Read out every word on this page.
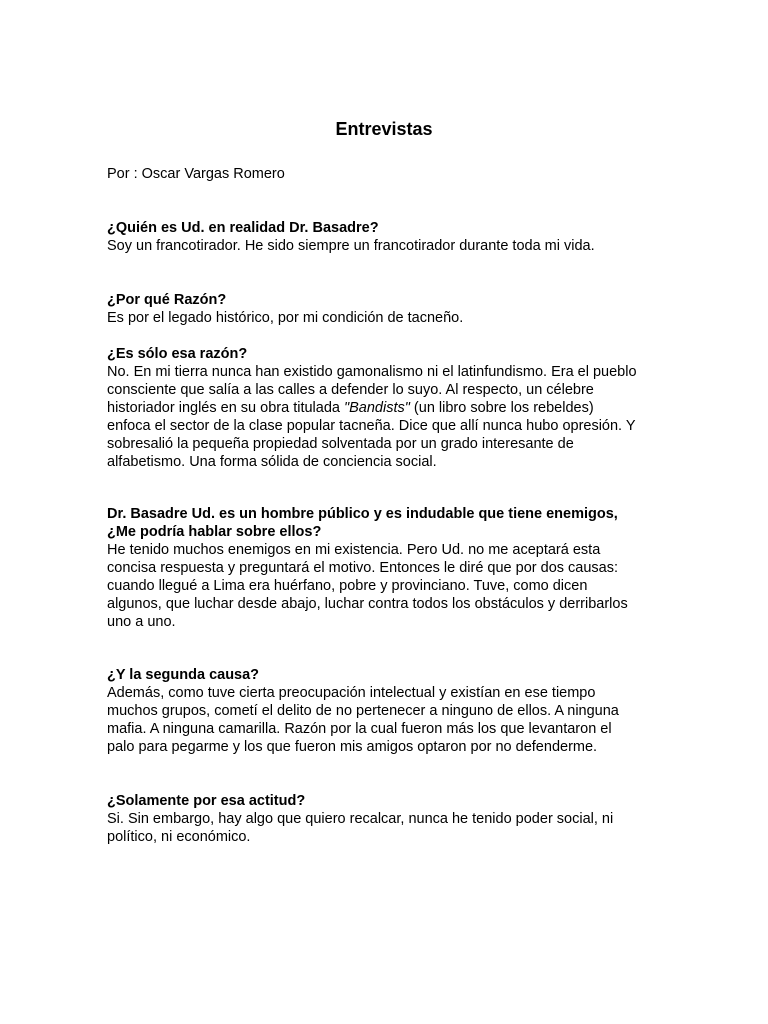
Entrevistas
Por : Oscar Vargas Romero
¿Quién es Ud. en realidad Dr. Basadre?
Soy un francotirador. He sido siempre un francotirador durante toda mi vida.
¿Por qué Razón?
Es por el legado histórico, por mi condición de tacneño.
¿Es sólo esa razón?
No. En mi tierra nunca han existido gamonalismo ni el latinfundismo. Era el pueblo
consciente que salía a las calles a defender lo suyo. Al respecto, un célebre
historiador inglés en su obra titulada "Bandists" (un libro sobre los rebeldes)
enfoca el sector de la clase popular tacneña. Dice que allí nunca hubo opresión. Y
sobresalió la pequeña propiedad solventada por un grado interesante de
alfabetismo. Una forma sólida de conciencia social.
Dr. Basadre Ud. es un hombre público y es indudable que tiene enemigos,
¿Me podría hablar sobre ellos?
He tenido muchos enemigos en mi existencia. Pero Ud. no me aceptará esta
concisa respuesta y preguntará el motivo. Entonces le diré que por dos causas:
cuando llegué a Lima era huérfano, pobre y provinciano. Tuve, como dicen
algunos, que luchar desde abajo, luchar contra todos los obstáculos y derribarlos
uno a uno.
¿Y la segunda causa?
Además, como tuve cierta preocupación intelectual y existían en ese tiempo
muchos grupos, cometí el delito de no pertenecer a ninguno de ellos. A ninguna
mafia. A ninguna camarilla. Razón por la cual fueron más los que levantaron el
palo para pegarme y los que fueron mis amigos optaron por no defenderme.
¿Solamente por esa actitud?
Si. Sin embargo, hay algo que quiero recalcar, nunca he tenido poder social, ni
político, ni económico.
